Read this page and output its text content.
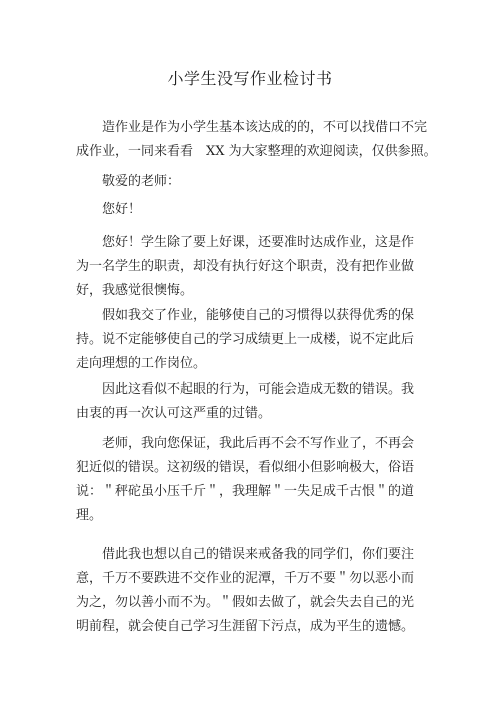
小学生没写作业检讨书
　　造作业是作为小学生基本该达成的的，不可以找借口不完
成作业，一同来看看　XX 为大家整理的欢迎阅读，仅供参照。
　　敬爱的老师：
　　您好！
　　您好！学生除了要上好课，还要准时达成作业，这是作
为一名学生的职责，却没有执行好这个职责，没有把作业做
好，我感觉很懊悔。
　　假如我交了作业，能够使自己的习惯得以获得优秀的保
持。说不定能够使自己的学习成绩更上一成楼，说不定此后
走向理想的工作岗位。
　　因此这看似不起眼的行为，可能会造成无数的错误。我
由衷的再一次认可这严重的过错。
　　老师，我向您保证，我此后再不会不写作业了，不再会
犯近似的错误。这初级的错误，看似细小但影响极大，俗语
说：＂秤砣虽小压千斤＂，我理解＂一失足成千古恨＂的道
理。
　　借此我也想以自己的错误来戒备我的同学们，你们要注
意，千万不要跌进不交作业的泥潭，千万不要＂勿以恶小而
为之，勿以善小而不为。＂假如去做了，就会失去自己的光
明前程，就会使自己学习生涯留下污点，成为平生的遗憾。
